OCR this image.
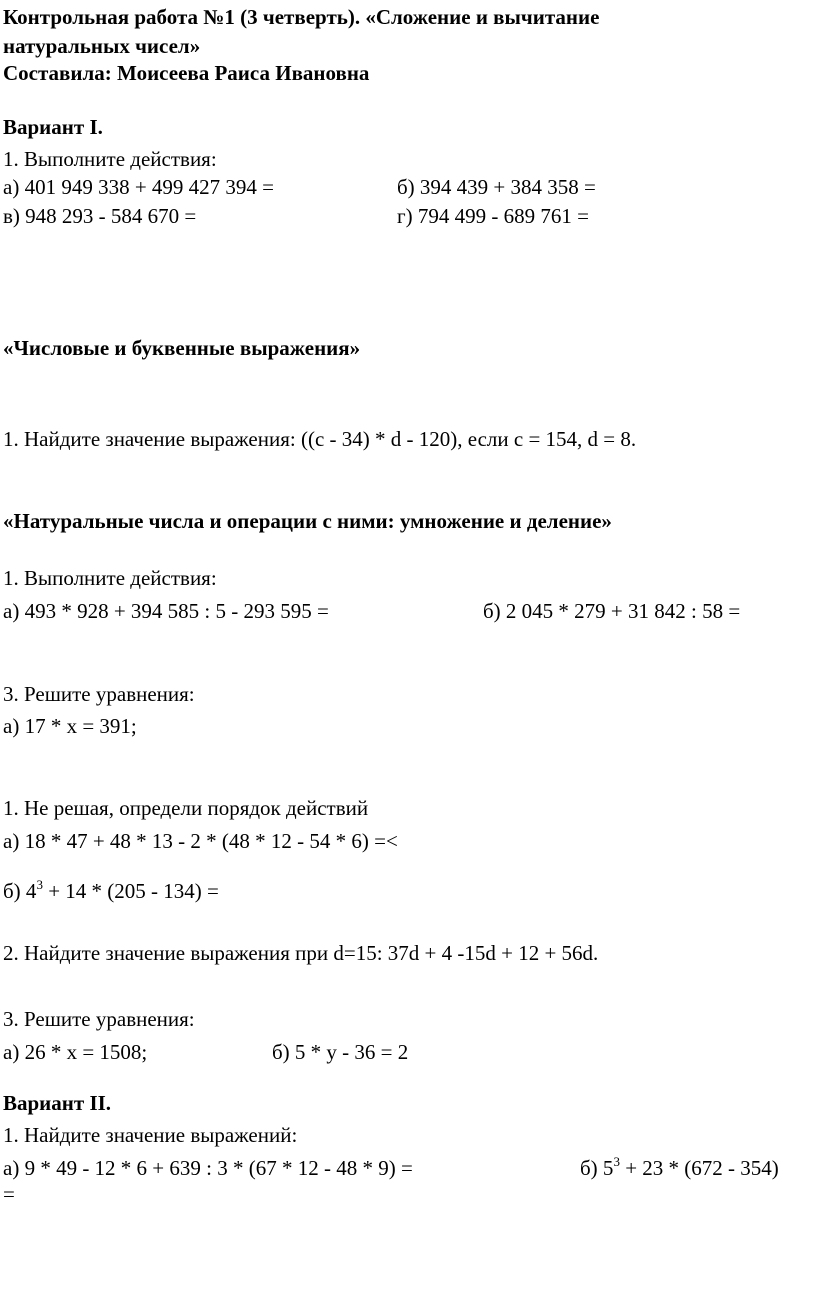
Контрольная работа №1 (3 четверть). «Сложение и вычитание
натуральных чисел»
Составила: Моисеева Раиса Ивановна
Вариант I.
1. Выполните действия:
а) 401 949 338 + 499 427 394 =	б) 394 439 + 384 358 =
в) 948 293 - 584 670 =	г) 794 499 - 689 761 =
«Числовые и буквенные выражения»
1. Найдите значение выражения: ((c - 34) * d - 120), если c = 154, d = 8.
«Натуральные числа и операции с ними: умножение и деление»
1. Выполните действия:
а) 493 * 928 + 394 585 : 5 - 293 595 =	б) 2 045 * 279 + 31 842 : 58 =
3. Решите уравнения:
а) 17 * x = 391;
1. Не решая, определи порядок действий
а) 18 * 47 + 48 * 13 - 2 * (48 * 12 - 54 * 6) =<
б) $4^3 + 14 * (205 - 134)$ =
2. Найдите значение выражения при d=15: 37d + 4 -15d + 12 + 56d.
3. Решите уравнения:
а) 26 * x = 1508;	б) 5 * y - 36 = 2
Вариант II.
1. Найдите значение выражений:
а) 9 * 49 - 12 * 6 + 639 : 3 * (67 * 12 - 48 * 9) =	б) $5^3 + 23 * (672 - 354)$
=
